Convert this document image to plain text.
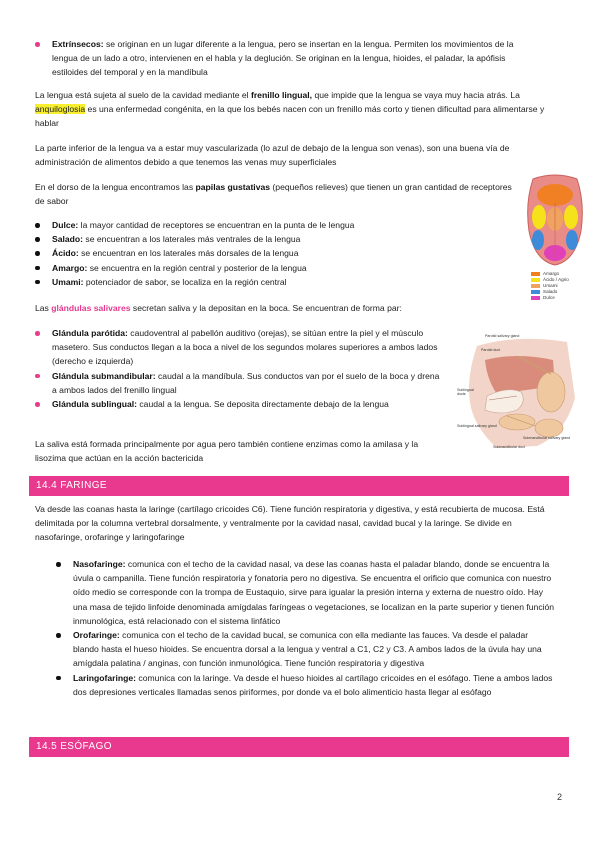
Extrínsecos: se originan en un lugar diferente a la lengua, pero se insertan en la lengua. Permiten los movimientos de la lengua de un lado a otro, intervienen en el habla y la deglución. Se originan en la lengua, hioides, el paladar, la apófisis estiloides del temporal y en la mandíbula

La lengua está sujeta al suelo de la cavidad mediante el frenillo lingual, que impide que la lengua se vaya muy hacia atrás. La anquiloglosia es una enfermedad congénita, en la que los bebés nacen con un frenillo más corto y tienen dificultad para alimentarse y hablar

La parte inferior de la lengua va a estar muy vascularizada (lo azul de debajo de la lengua son venas), son una buena vía de administración de alimentos debido a que tenemos las venas muy superficiales

En el dorso de la lengua encontramos las papilas gustativas (pequeños relieves) que tienen un gran cantidad de receptores de sabor

Dulce: la mayor cantidad de receptores se encuentran en la punta de le lengua
Salado: se encuentran a los laterales más ventrales de la lengua
Ácido: se encuentran en los laterales más dorsales de la lengua
Amargo: se encuentra en la región central y posterior de la lengua
Umami: potenciador de sabor, se localiza en la región central
Amargo
Ácido / Agrio
Umami
Salado
Dulce

Las glándulas salivares secretan saliva y la depositan en la boca. Se encuentran de forma par:

Glándula parótida: caudoventral al pabellón auditivo (orejas), se sitúan entre la piel y el músculo masetero. Sus conductos llegan a la boca a nivel de los segundos molares superiores a ambos lados (derecho e izquierda)
Glándula submandibular: caudal a la mandíbula. Sus conductos van por el suelo de la boca y drena a ambos lados del frenillo lingual
Glándula sublingual: caudal a la lengua. Se deposita directamente debajo de la lengua
Parotid salivary gland
Parotid duct
Sublingual ducts
Sublingual salivary gland
Submandibular salivary gland
Submandibular duct

La saliva está formada principalmente por agua pero también contiene enzimas como la amilasa y la lisozima que actúan en la acción bactericida

14.4 FARINGE

Va desde las coanas hasta la laringe (cartílago cricoides C6). Tiene función respiratoria y digestiva, y está recubierta de mucosa. Está delimitada por la columna vertebral dorsalmente, y ventralmente por la cavidad nasal, cavidad bucal y la laringe. Se divide en nasofaringe, orofaringe y laringofaringe

Nasofaringe: comunica con el techo de la cavidad nasal, va dese las coanas hasta el paladar blando, donde se encuentra la úvula o campanilla. Tiene función respiratoria y fonatoria pero no digestiva. Se encuentra el orificio que comunica con nuestro oído medio se corresponde con la trompa de Eustaquio, sirve para igualar la presión interna y externa de nuestro oído. Hay una masa de tejido linfoide denominada amígdalas faríngeas o vegetaciones, se localizan en la parte superior y tienen función inmunológica, está relacionado con el sistema linfático
Orofaringe: comunica con el techo de la cavidad bucal, se comunica con ella mediante las fauces. Va desde el paladar blando hasta el hueso hioides. Se encuentra dorsal a la lengua y ventral a C1, C2 y C3. A ambos lados de la úvula hay una amígdala palatina / anginas, con función inmunológica. Tiene función respiratoria y digestiva
Laringofaringe: comunica con la laringe. Va desde el hueso hioides al cartílago cricoides en el esófago. Tiene a ambos lados dos depresiones verticales llamadas senos piriformes, por donde va el bolo alimenticio hasta llegar al esófago
14.5 ESÓFAGO
2
